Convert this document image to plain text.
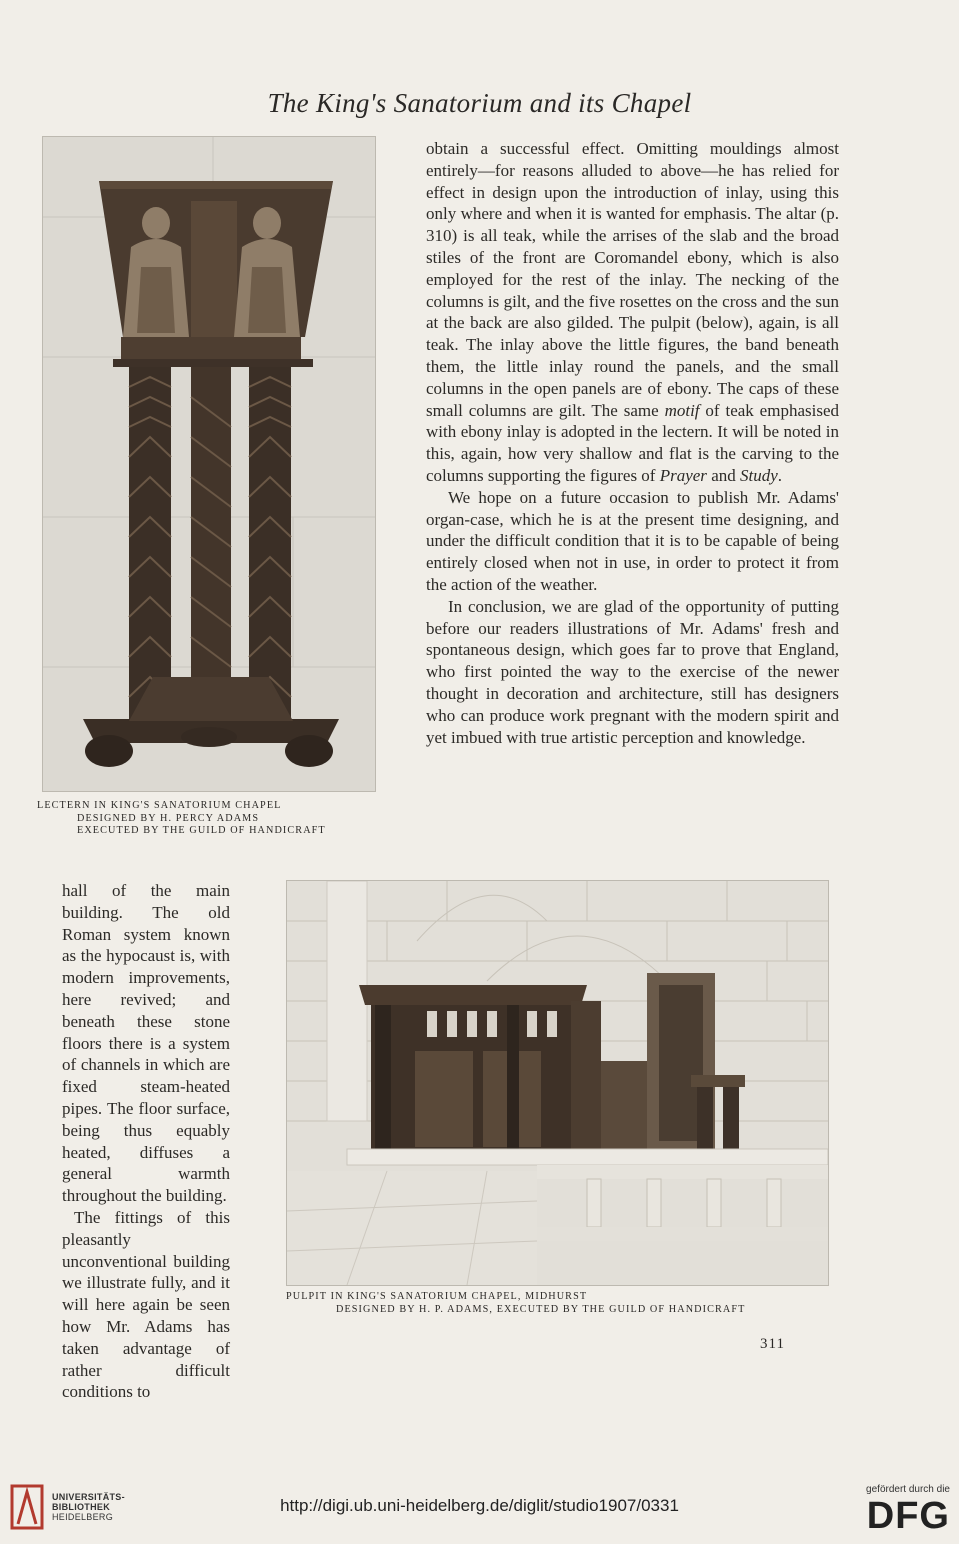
The King's Sanatorium and its Chapel
LECTERN IN KING'S SANATORIUM CHAPEL
DESIGNED BY H. PERCY ADAMS
EXECUTED BY THE GUILD OF HANDICRAFT

obtain a successful effect. Omitting mouldings almost entirely—for reasons alluded to above—he has relied for effect in design upon the introduction of inlay, using this only where and when it is wanted for emphasis. The altar (p. 310) is all teak, while the arrises of the slab and the broad stiles of the front are Coromandel ebony, which is also employed for the rest of the inlay. The necking of the columns is gilt, and the five rosettes on the cross and the sun at the back are also gilded. The pulpit (below), again, is all teak. The inlay above the little figures, the band beneath them, the little inlay round the panels, and the small columns in the open panels are of ebony. The caps of these small columns are gilt. The same motif of teak emphasised with ebony inlay is adopted in the lectern. It will be noted in this, again, how very shallow and flat is the carving to the columns supporting the figures of Prayer and Study.

We hope on a future occasion to publish Mr. Adams' organ-case, which he is at the present time designing, and under the difficult condition that it is to be capable of being entirely closed when not in use, in order to protect it from the action of the weather.

In conclusion, we are glad of the opportunity of putting before our readers illustrations of Mr. Adams' fresh and spontaneous design, which goes far to prove that England, who first pointed the way to the exercise of the newer thought in decoration and architecture, still has designers who can produce work pregnant with the modern spirit and yet imbued with true artistic perception and knowledge.

hall of the main building. The old Roman system known as the hypocaust is, with modern improvements, here revived; and beneath these stone floors there is a system of channels in which are fixed steam-heated pipes. The floor surface, being thus equably heated, diffuses a general warmth throughout the building.

The fittings of this pleasantly unconventional building we illustrate fully, and it will here again be seen how Mr. Adams has taken advantage of rather difficult conditions to

PULPIT IN KING'S SANATORIUM CHAPEL, MIDHURST
DESIGNED BY H. P. ADAMS, EXECUTED BY THE GUILD OF HANDICRAFT
311
UNIVERSITÄTS-
BIBLIOTHEK
HEIDELBERG
http://digi.ub.uni-heidelberg.de/diglit/studio1907/0331
gefördert durch die
DFG
